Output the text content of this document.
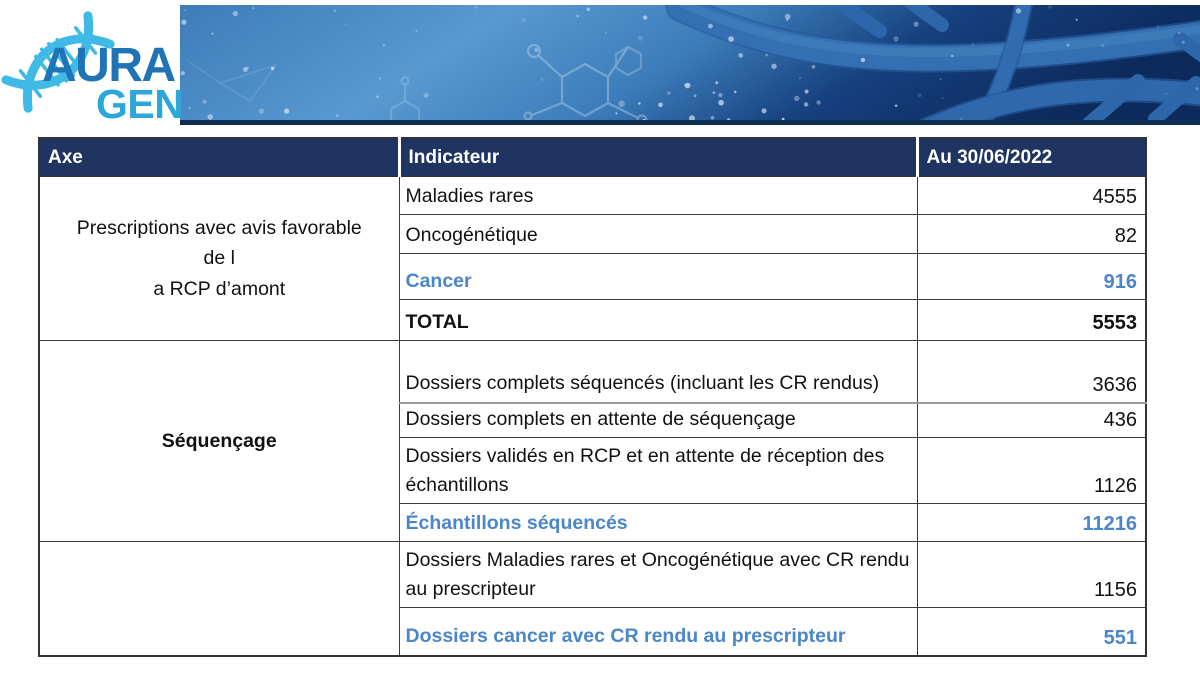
AURA
GEN
Axe	Indicateur	Au 30/06/2022

Prescriptions avec avis favorable
de l
a RCP d’amont	Maladies rares	4555
	Oncogénétique	82
	Cancer	916
	TOTAL	5553

Séquençage	Dossiers complets séquencés (incluant les CR rendus)	3636
	Dossiers complets en attente de séquençage	436
	Dossiers validés en RCP et en attente de réception des échantillons	1126
	Échantillons séquencés	11216
	Dossiers Maladies rares et Oncogénétique avec CR rendu au prescripteur	1156
	Dossiers cancer avec CR rendu au prescripteur	551
